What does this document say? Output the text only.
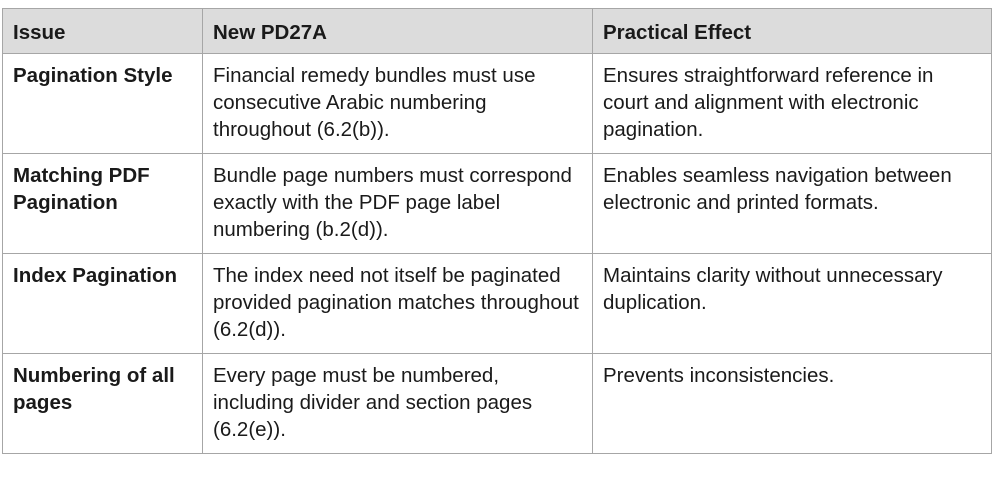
Issue	New PD27A	Practical Effect
Pagination Style	Financial remedy bundles must use consecutive Arabic numbering throughout (6.2(b)).	Ensures straightforward reference in court and alignment with electronic pagination.
Matching PDF Pagination	Bundle page numbers must correspond exactly with the PDF page label numbering (b.2(d)).	Enables seamless navigation between electronic and printed formats.
Index Pagination	The index need not itself be paginated provided pagination matches throughout (6.2(d)).	Maintains clarity without unnecessary duplication.
Numbering of all pages	Every page must be numbered, including divider and section pages (6.2(e)).	Prevents inconsistencies.
